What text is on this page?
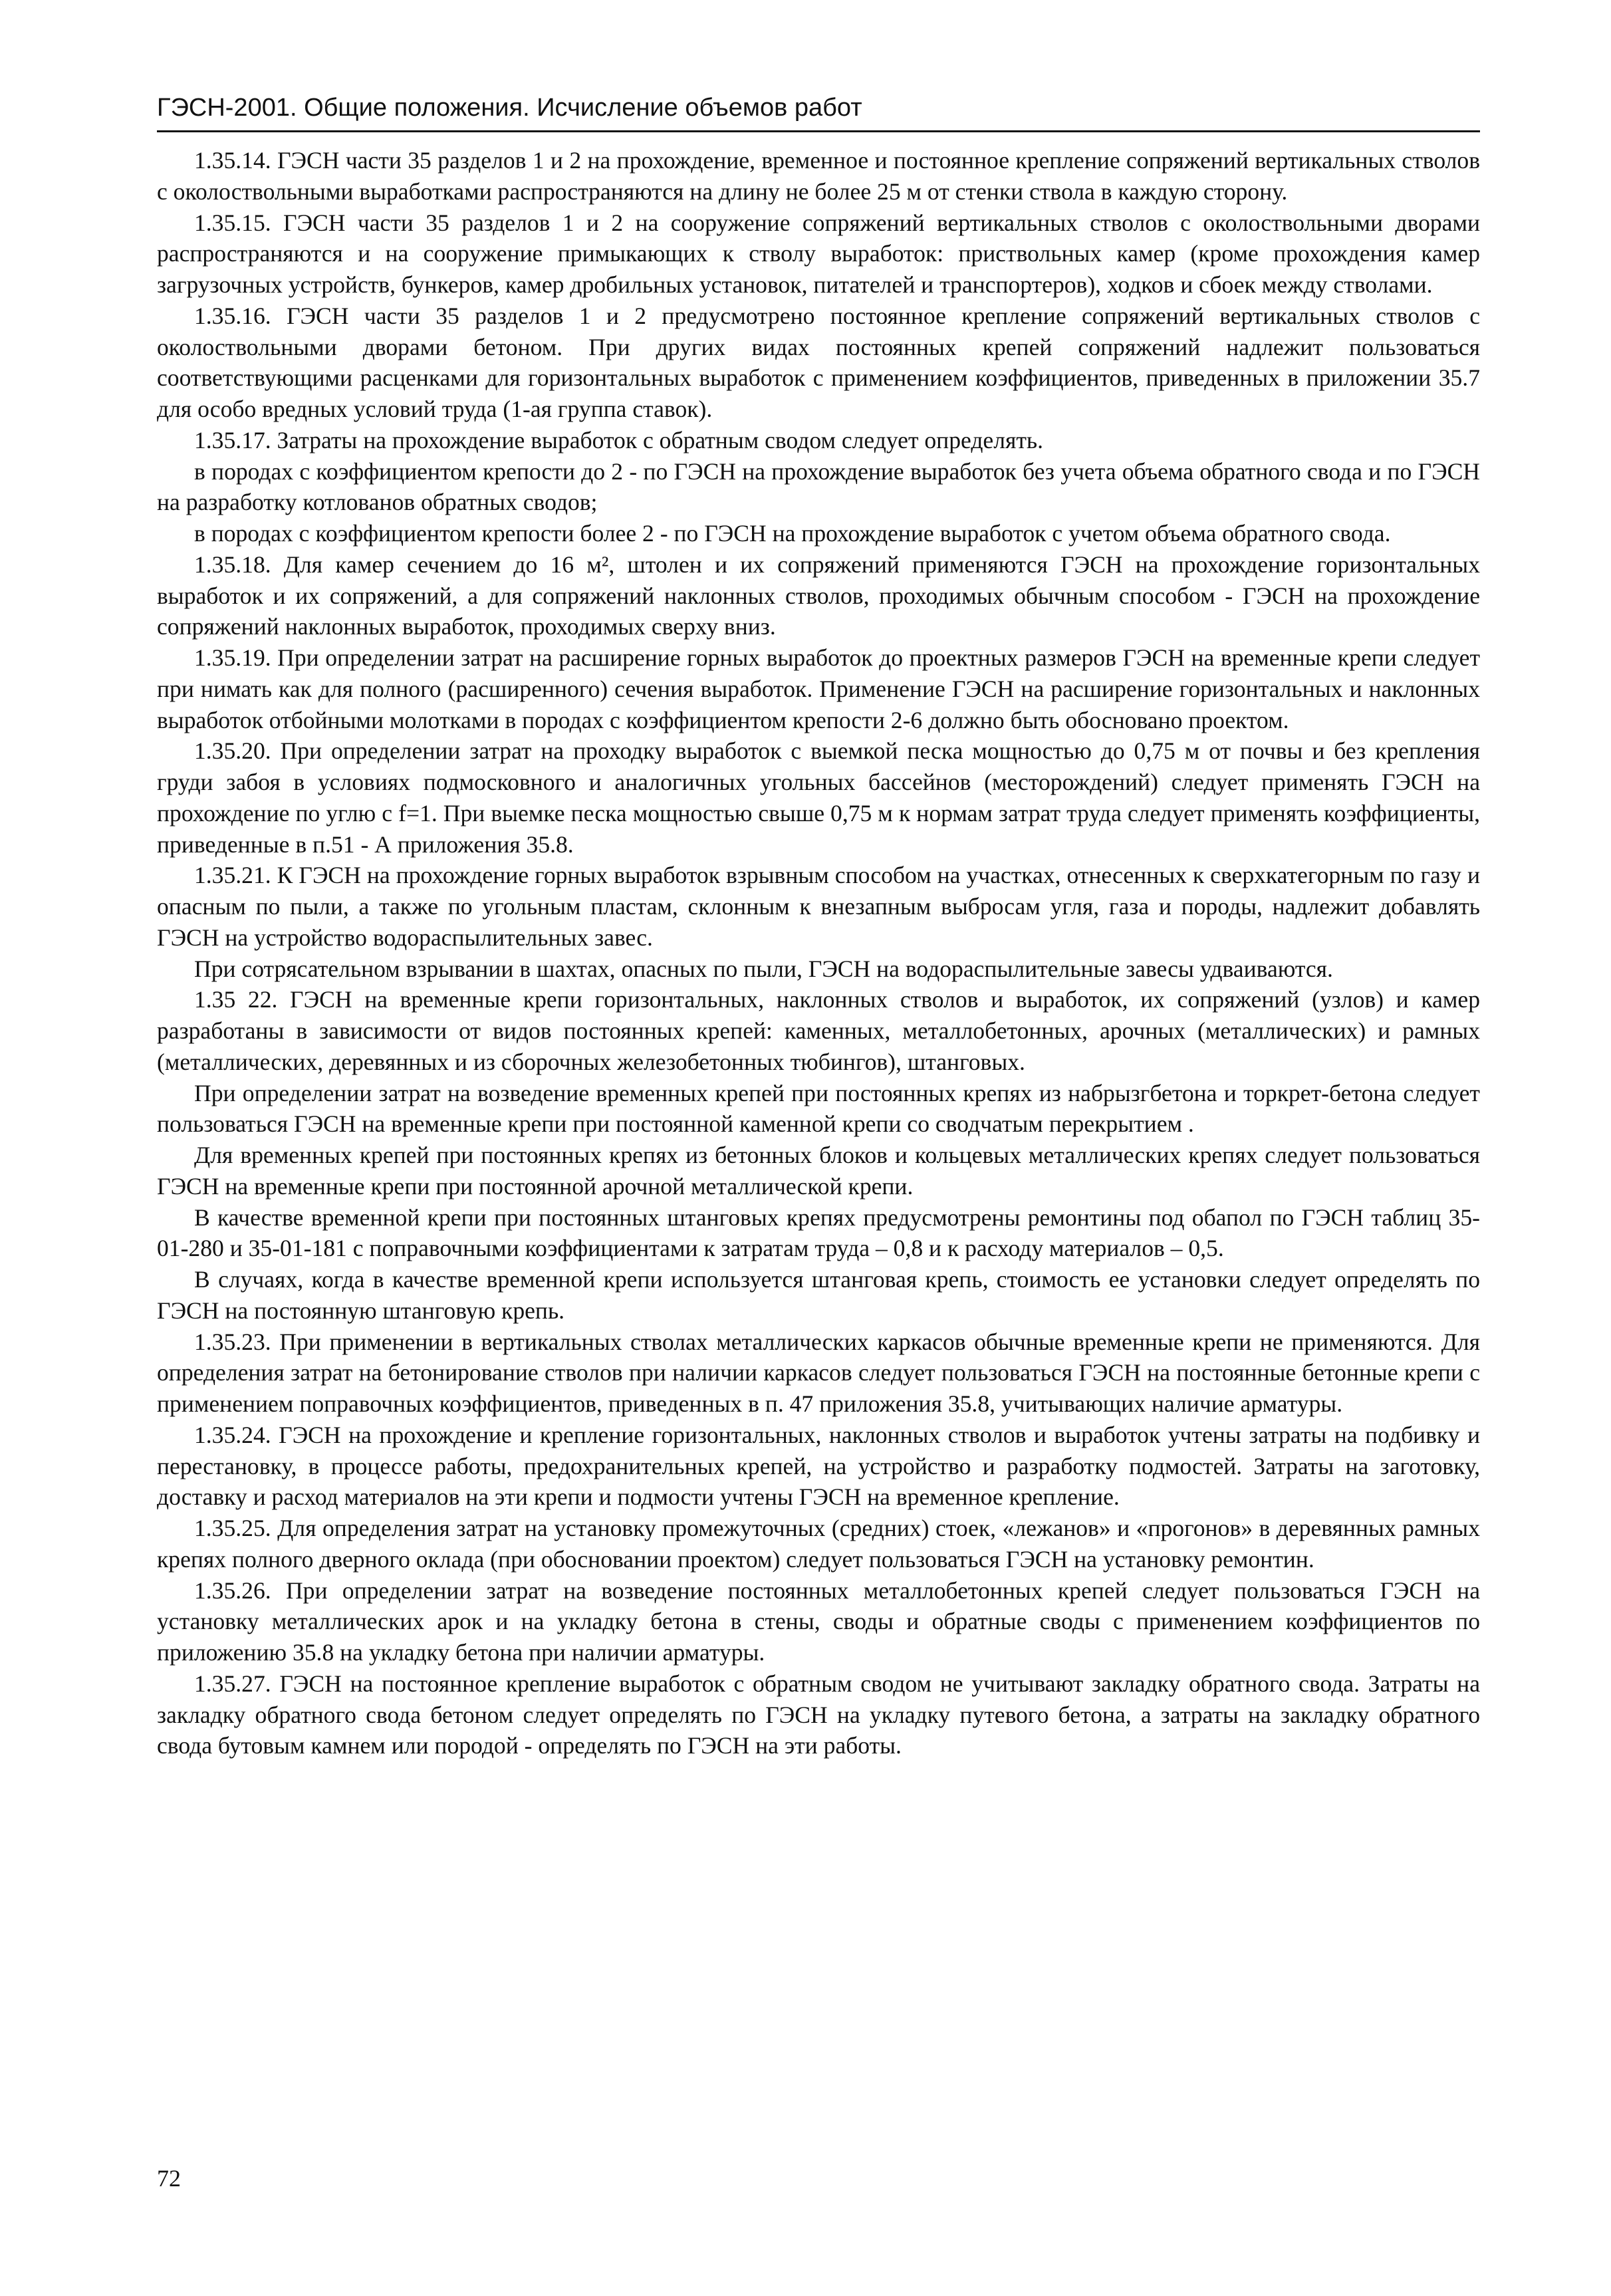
ГЭСН-2001. Общие положения. Исчисление объемов работ

1.35.14. ГЭСН части 35 разделов 1 и 2 на прохождение, временное и постоянное крепление сопряжений вертикальных стволов с околоствольными выработками распространяются на длину не более 25 м от стенки ствола в каждую сторону.

1.35.15. ГЭСН части 35 разделов 1 и 2 на сооружение сопряжений вертикальных стволов с околоствольными дворами распространяются и на сооружение примыкающих к стволу выработок: приствольных камер (кроме прохождения камер загрузочных устройств, бункеров, камер дробильных установок, питателей и транспортеров), ходков и сбоек между стволами.

1.35.16. ГЭСН части 35 разделов 1 и 2 предусмотрено постоянное крепление сопряжений вертикальных стволов с околоствольными дворами бетоном. При других видах постоянных крепей сопряжений надлежит пользоваться соответствующими расценками для горизонтальных выработок с применением коэффициентов, приведенных в приложении 35.7 для особо вредных условий труда (1-ая группа ставок).

1.35.17. Затраты на прохождение выработок с обратным сводом следует определять.

в породах с коэффициентом крепости до 2 - по ГЭСН на прохождение выработок без учета объема обратного свода и по ГЭСН на разработку котлованов обратных сводов;

в породах с коэффициентом крепости более 2 - по ГЭСН на прохождение выработок с учетом объема обратного свода.

1.35.18. Для камер сечением до 16 м², штолен и их сопряжений применяются ГЭСН на прохождение горизонтальных выработок и их сопряжений, а для сопряжений наклонных стволов, проходимых обычным способом - ГЭСН на прохождение сопряжений наклонных выработок, проходимых сверху вниз.

1.35.19. При определении затрат на расширение горных выработок до проектных размеров ГЭСН на временные крепи следует при нимать как для полного (расширенного) сечения выработок. Применение ГЭСН на расширение горизонтальных и наклонных выработок отбойными молотками в породах с коэффициентом крепости 2-6 должно быть обосновано проектом.

1.35.20. При определении затрат на проходку выработок с выемкой песка мощностью до 0,75 м от почвы и без крепления груди забоя в условиях подмосковного и аналогичных угольных бассейнов (месторождений) следует применять ГЭСН на прохождение по углю с f=1. При выемке песка мощностью свыше 0,75 м к нормам затрат труда следует применять коэффициенты, приведенные в п.51 - А приложения 35.8.

1.35.21. К ГЭСН на прохождение горных выработок взрывным способом на участках, отнесенных к сверхкатегорным по газу и опасным по пыли, а также по угольным пластам, склонным к внезапным выбросам угля, газа и породы, надлежит добавлять ГЭСН на устройство водораспылительных завес.

При сотрясательном взрывании в шахтах, опасных по пыли, ГЭСН на водораспылительные завесы удваиваются.

1.35 22. ГЭСН на временные крепи горизонтальных, наклонных стволов и выработок, их сопряжений (узлов) и камер разработаны в зависимости от видов постоянных крепей: каменных, металлобетонных, арочных (металлических) и рамных (металлических, деревянных и из сборочных железобетонных тюбингов), штанговых.

При определении затрат на возведение временных крепей при постоянных крепях из набрызгбетона и торкрет-бетона следует пользоваться ГЭСН на временные крепи при постоянной каменной крепи со сводчатым перекрытием .

Для временных крепей при постоянных крепях из бетонных блоков и кольцевых металлических крепях следует пользоваться ГЭСН на временные крепи при постоянной арочной металлической крепи.

В качестве временной крепи при постоянных штанговых крепях предусмотрены ремонтины под обапол по ГЭСН таблиц 35-01-280 и 35-01-181 с поправочными коэффициентами к затратам труда – 0,8 и к расходу материалов – 0,5.

В случаях, когда в качестве временной крепи используется штанговая крепь, стоимость ее установки следует определять по ГЭСН на постоянную штанговую крепь.

1.35.23. При применении в вертикальных стволах металлических каркасов обычные временные крепи не применяются. Для определения затрат на бетонирование стволов при наличии каркасов следует пользоваться ГЭСН на постоянные бетонные крепи с применением поправочных коэффициентов, приведенных в п. 47 приложения 35.8, учитывающих наличие арматуры.

1.35.24. ГЭСН на прохождение и крепление горизонтальных, наклонных стволов и выработок учтены затраты на подбивку и перестановку, в процессе работы, предохранительных крепей, на устройство и разработку подмостей. Затраты на заготовку, доставку и расход материалов на эти крепи и подмости учтены ГЭСН на временное крепление.

1.35.25. Для определения затрат на установку промежуточных (средних) стоек, «лежанов» и «прогонов» в деревянных рамных крепях полного дверного оклада (при обосновании проектом) следует пользоваться ГЭСН на установку ремонтин.

1.35.26. При определении затрат на возведение постоянных металлобетонных крепей следует пользоваться ГЭСН на установку металлических арок и на укладку бетона в стены, своды и обратные своды с применением коэффициентов по приложению 35.8 на укладку бетона при наличии арматуры.

1.35.27. ГЭСН на постоянное крепление выработок с обратным сводом не учитывают закладку обратного свода. Затраты на закладку обратного свода бетоном следует определять по ГЭСН на укладку путевого бетона, а затраты на закладку обратного свода бутовым камнем или породой - определять по ГЭСН на эти работы.

72
